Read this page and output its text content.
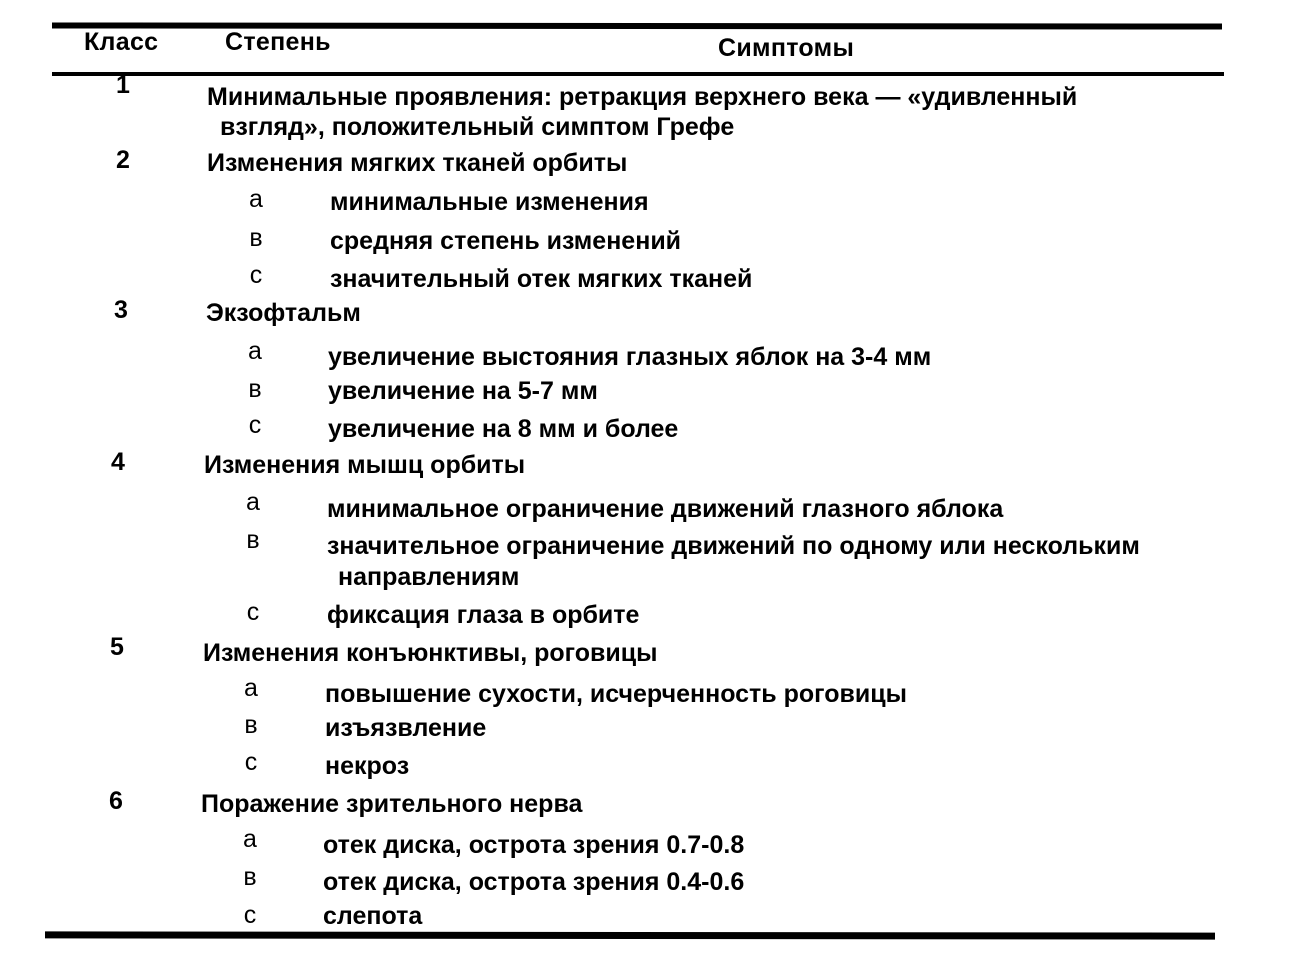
Класс	Степень	Симптомы
1	Минимальные проявления: ретракция верхнего века — «удивленный
взгляд», положительный симптом Грефе
2	Изменения мягких тканей орбиты
а	минимальные изменения
в	средняя степень изменений
с	значительный отек мягких тканей
3	Экзофтальм
а	увеличение выстояния глазных яблок на 3-4 мм
в	увеличение на 5-7 мм
с	увеличение на 8 мм и более
4	Изменения мышц орбиты
а	минимальное ограничение движений глазного яблока
в	значительное ограничение движений по одному или нескольким
направлениям
с	фиксация глаза в орбите
5	Изменения конъюнктивы, роговицы
а	повышение сухости, исчерченность роговицы
в	изъязвление
с	некроз
6	Поражение зрительного нерва
а	отек диска, острота зрения 0.7-0.8
в	отек диска, острота зрения 0.4-0.6
с	слепота
